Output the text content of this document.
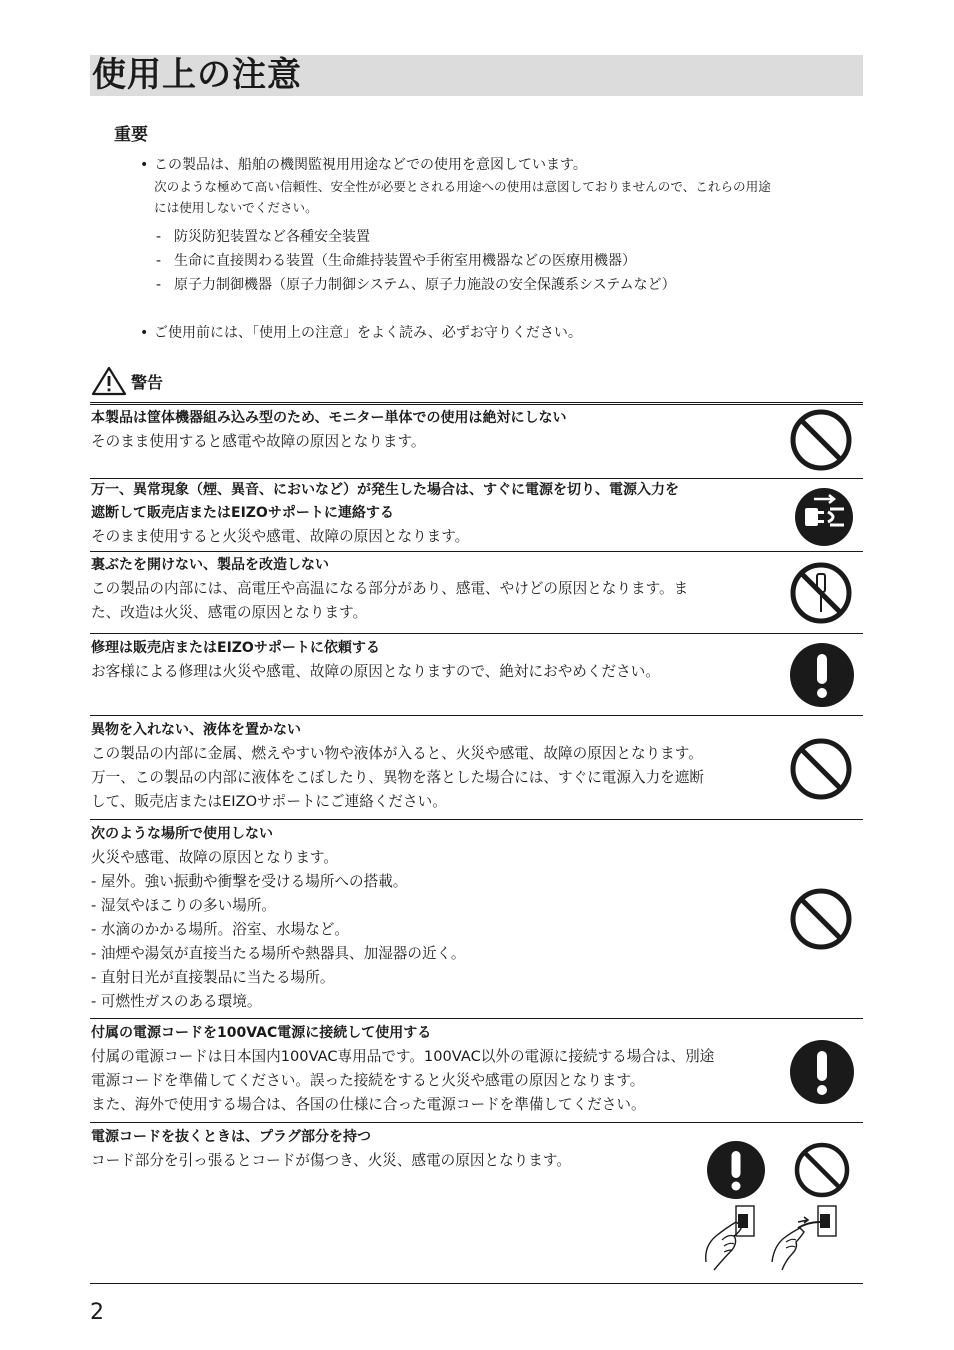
使用上の注意
重要
• この製品は、船舶の機関監視用用途などでの使用を意図しています。
次のような極めて高い信頼性、安全性が必要とされる用途への使用は意図しておりませんので、これらの用途
には使用しないでください。
- 防災防犯装置など各種安全装置
- 生命に直接関わる装置（生命維持装置や手術室用機器などの医療用機器）
- 原子力制御機器（原子力制御システム、原子力施設の安全保護系システムなど）
• ご使用前には、「使用上の注意」をよく読み、必ずお守りください。
警告
本製品は筐体機器組み込み型のため、モニター単体での使用は絶対にしない
そのまま使用すると感電や故障の原因となります。
万一、異常現象（煙、異音、においなど）が発生した場合は、すぐに電源を切り、電源入力を
遮断して販売店またはEIZOサポートに連絡する
そのまま使用すると火災や感電、故障の原因となります。
裏ぶたを開けない、製品を改造しない
この製品の内部には、高電圧や高温になる部分があり、感電、やけどの原因となります。ま
た、改造は火災、感電の原因となります。
修理は販売店またはEIZOサポートに依頼する
お客様による修理は火災や感電、故障の原因となりますので、絶対におやめください。
異物を入れない、液体を置かない
この製品の内部に金属、燃えやすい物や液体が入ると、火災や感電、故障の原因となります。
万一、この製品の内部に液体をこぼしたり、異物を落とした場合には、すぐに電源入力を遮断
して、販売店またはEIZOサポートにご連絡ください。
次のような場所で使用しない
火災や感電、故障の原因となります。
- 屋外。強い振動や衝撃を受ける場所への搭載。
- 湿気やほこりの多い場所。
- 水滴のかかる場所。浴室、水場など。
- 油煙や湯気が直接当たる場所や熱器具、加湿器の近く。
- 直射日光が直接製品に当たる場所。
- 可燃性ガスのある環境。
付属の電源コードを100VAC電源に接続して使用する
付属の電源コードは日本国内100VAC専用品です。100VAC以外の電源に接続する場合は、別途
電源コードを準備してください。誤った接続をすると火災や感電の原因となります。
また、海外で使用する場合は、各国の仕様に合った電源コードを準備してください。
電源コードを抜くときは、プラグ部分を持つ
コード部分を引っ張るとコードが傷つき、火災、感電の原因となります。
2
